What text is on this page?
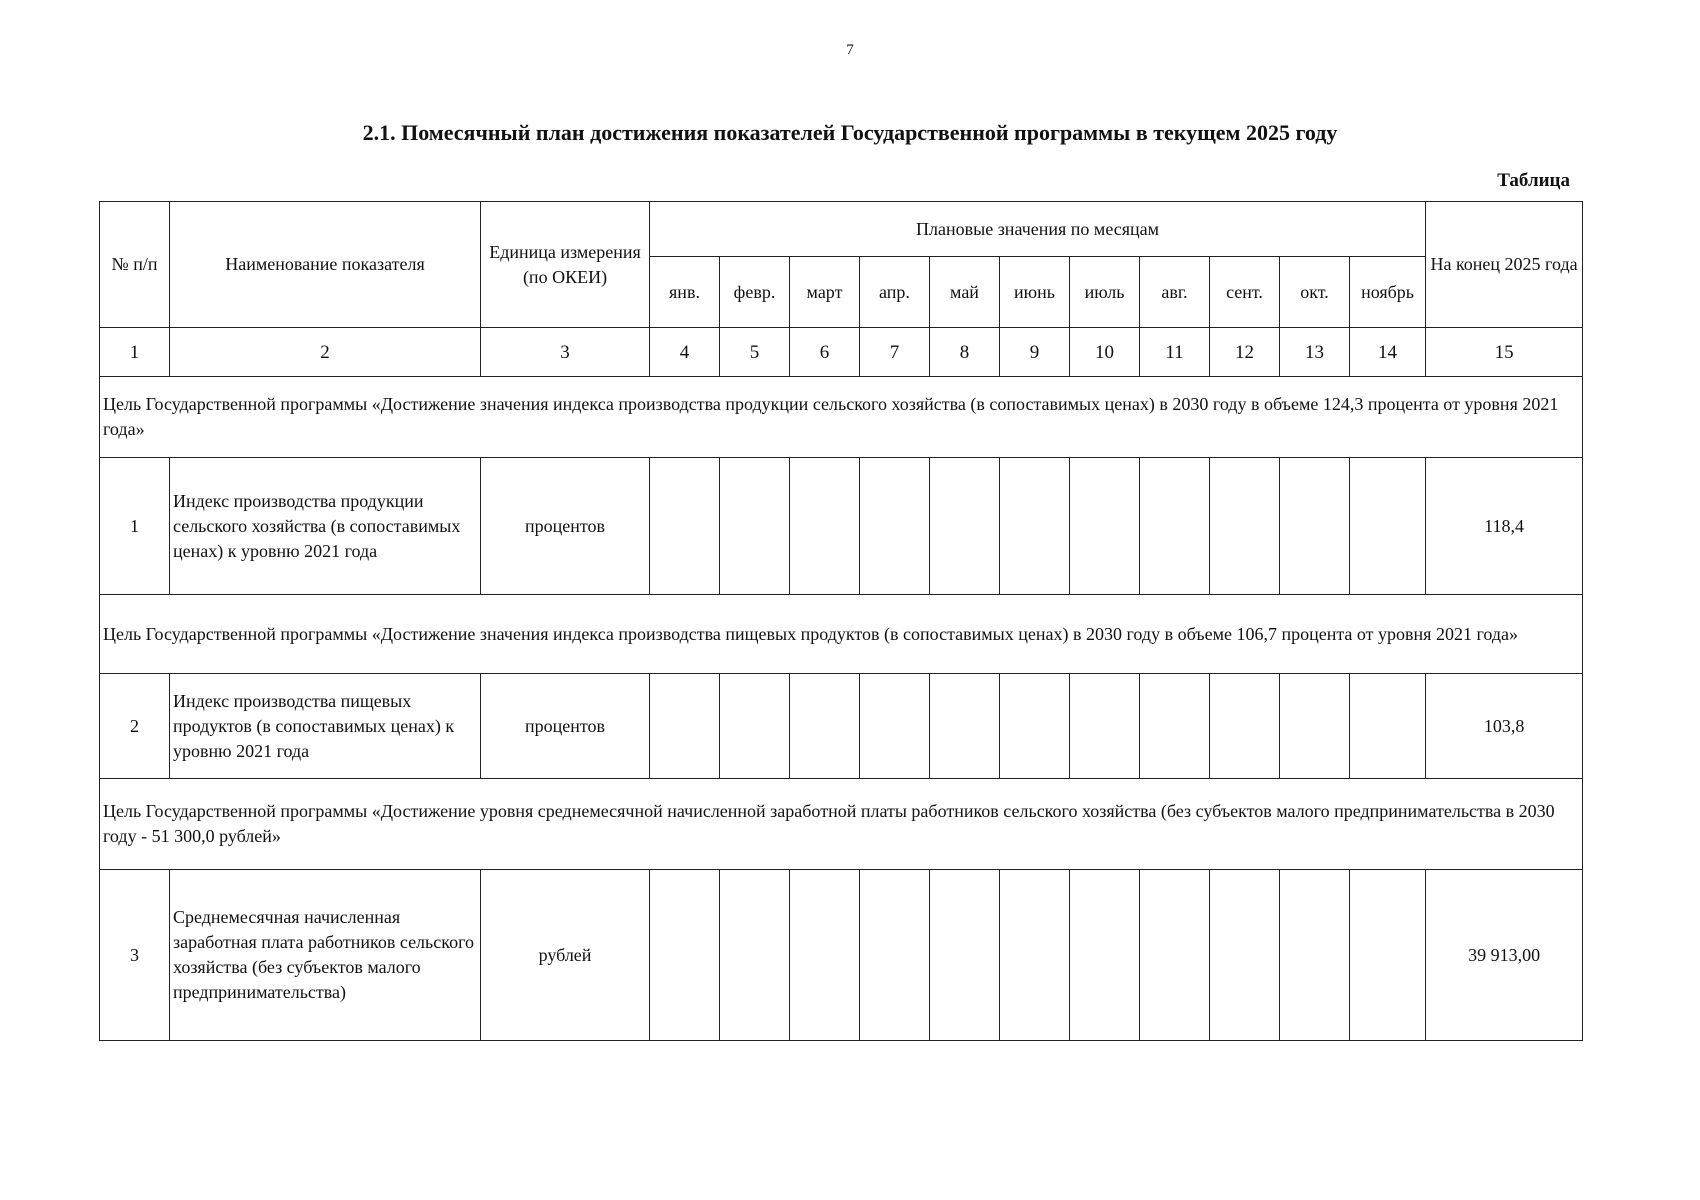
7
2.1. Помесячный план достижения показателей Государственной программы в текущем 2025 году
Таблица
№ п/п	Наименование показателя	Единица измерения (по ОКЕИ)	Плановые значения по месяцам											На конец 2025 года
			янв.	февр.	март	апр.	май	июнь	июль	авг.	сент.	окт.	ноябрь	
1	2	3	4	5	6	7	8	9	10	11	12	13	14	15
Цель Государственной программы «Достижение значения индекса производства продукции сельского хозяйства (в сопоставимых ценах) в 2030 году в объеме 124,3 процента от уровня 2021 года»														
1	Индекс производства продукции сельского хозяйства (в сопоставимых ценах) к уровню 2021 года	процентов												118,4
Цель Государственной программы «Достижение значения индекса производства пищевых продуктов (в сопоставимых ценах) в 2030 году в объеме 106,7 процента от уровня 2021 года»														
2	Индекс производства пищевых продуктов (в сопоставимых ценах) к уровню 2021 года	процентов												103,8
Цель Государственной программы «Достижение уровня среднемесячной начисленной заработной платы работников сельского хозяйства (без субъектов малого предпринимательства в 2030 году - 51 300,0 рублей»														
3	Среднемесячная начисленная заработная плата работников сельского хозяйства (без субъектов малого предпринимательства)	рублей												39 913,00
